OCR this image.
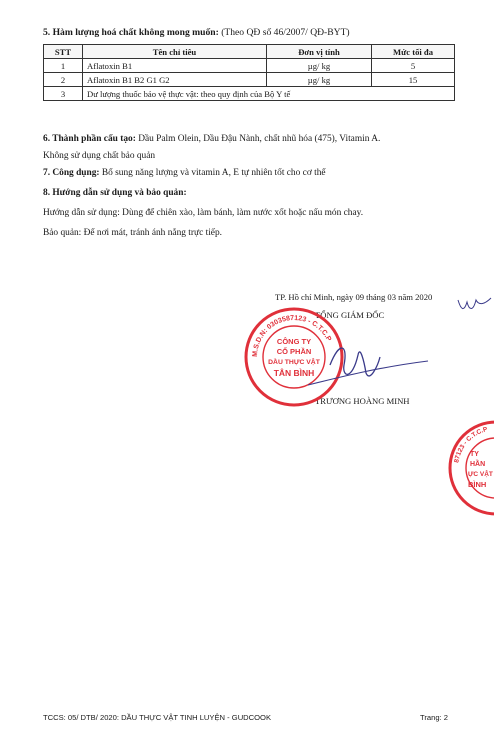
5. Hàm lượng hoá chất không mong muốn: (Theo QĐ số 46/2007/ QĐ-BYT)
STT	Tên chỉ tiêu	Đơn vị tính	Mức tối đa
1	Aflatoxin B1	µg/ kg	5
2	Aflatoxin B1 B2 G1 G2	µg/ kg	15
3	Dư lượng thuốc bảo vệ thực vật: theo quy định của Bộ Y tế		
6. Thành phần cấu tạo: Dầu Palm Olein, Dầu Đậu Nành, chất nhũ hóa (475), Vitamin A.
Không sử dụng chất bảo quản
7. Công dụng: Bổ sung năng lượng và vitamin A, E tự nhiên tốt cho cơ thể
8. Hướng dẫn sử dụng và bảo quản:
Hướng dẫn sử dụng: Dùng để chiên xào, làm bánh, làm nước xốt hoặc nấu món chay.
Bảo quản: Để nơi mát, tránh ánh nắng trực tiếp.
TP. Hồ chí Minh, ngày 09 tháng 03 năm 2020
TỔNG GIÁM ĐỐC
TRƯƠNG HOÀNG MINH
M.S.D.N: 0303587123 - C.T.C.P
CÔNG TY
CỔ PHẦN
DẦU THỰC VẬT
TÂN BÌNH
87123 - C.T.C.P
TY
HẦN
ỰC VẬT
BÌNH
TCCS: 05/ DTB/ 2020: DẦU THỰC VẬT TINH LUYỆN - GUDCOOK	Trang: 2
